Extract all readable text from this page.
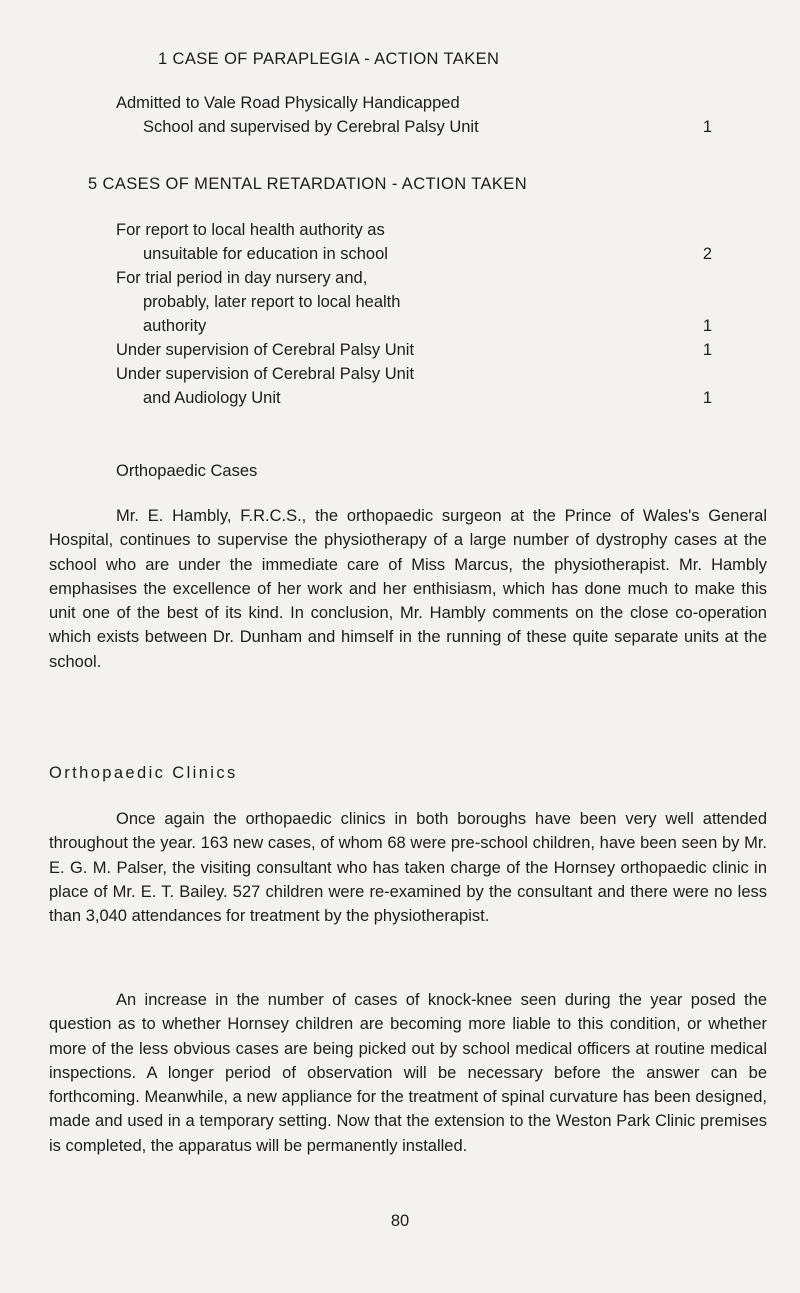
1 CASE OF PARAPLEGIA - ACTION TAKEN
Admitted to Vale Road Physically Handicapped
School and supervised by Cerebral Palsy Unit	1
5 CASES OF MENTAL RETARDATION - ACTION TAKEN
For report to local health authority as
unsuitable for education in school	2
For trial period in day nursery and,
probably, later report to local health
authority	1
Under supervision of Cerebral Palsy Unit	1
Under supervision of Cerebral Palsy Unit
and Audiology Unit	1
Orthopaedic Cases

Mr. E. Hambly, F.R.C.S., the orthopaedic surgeon at the Prince of Wales's General Hospital, continues to supervise the physiotherapy of a large number of dystrophy cases at the school who are under the immediate care of Miss Marcus, the physiotherapist. Mr. Hambly emphasises the excellence of her work and her enthisiasm, which has done much to make this unit one of the best of its kind. In conclusion, Mr. Hambly comments on the close co-operation which exists between Dr. Dunham and himself in the running of these quite separate units at the school.

Orthopaedic Clinics

Once again the orthopaedic clinics in both boroughs have been very well attended throughout the year. 163 new cases, of whom 68 were pre-school children, have been seen by Mr. E. G. M. Palser, the visiting consultant who has taken charge of the Hornsey orthopaedic clinic in place of Mr. E. T. Bailey. 527 children were re-examined by the consultant and there were no less than 3,040 attendances for treatment by the physiotherapist.

An increase in the number of cases of knock-knee seen during the year posed the question as to whether Hornsey children are becoming more liable to this condition, or whether more of the less obvious cases are being picked out by school medical officers at routine medical inspections. A longer period of observation will be necessary before the answer can be forthcoming. Meanwhile, a new appliance for the treatment of spinal curvature has been designed, made and used in a temporary setting. Now that the extension to the Weston Park Clinic premises is completed, the apparatus will be permanently installed.

80
